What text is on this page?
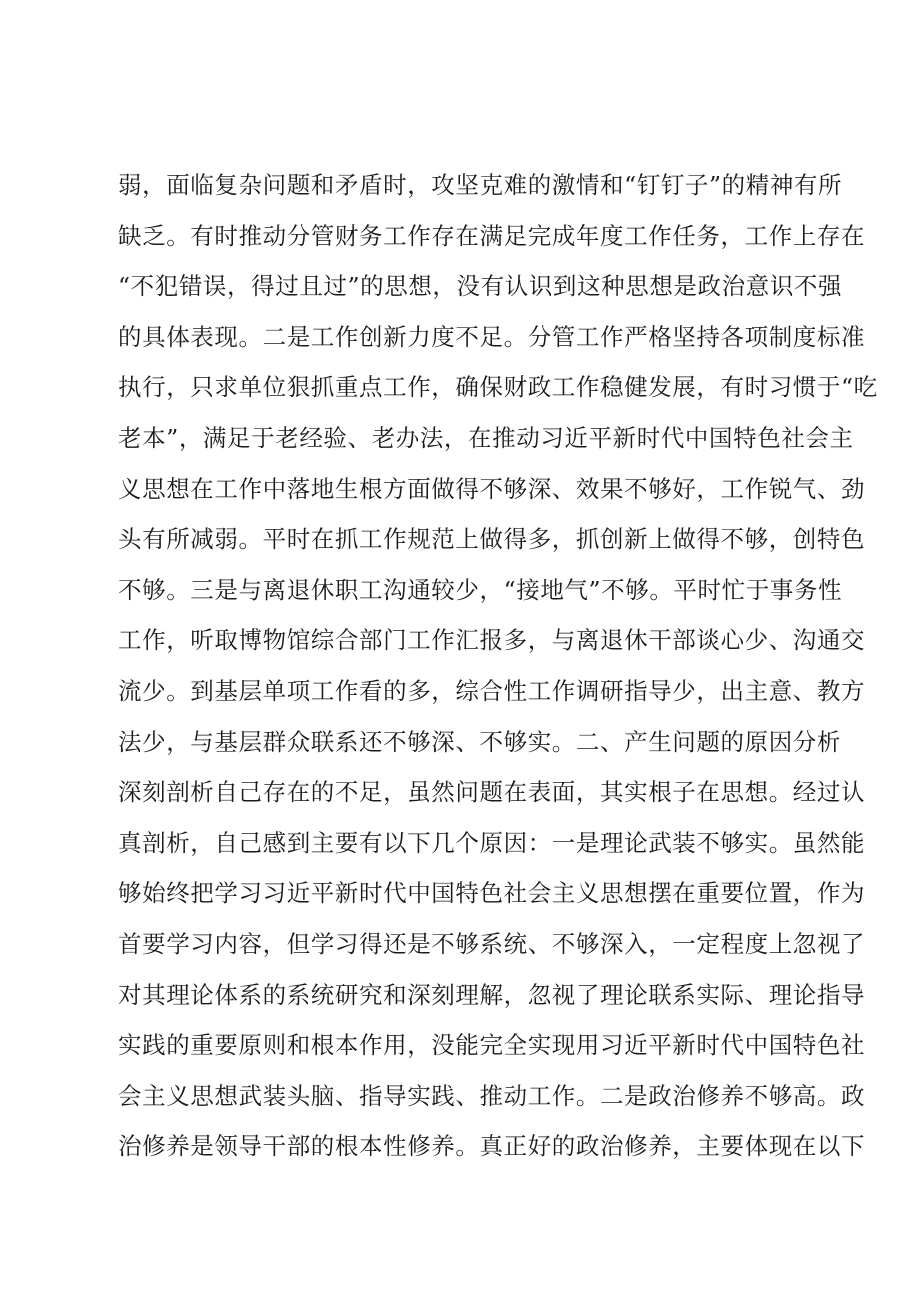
弱，面临复杂问题和矛盾时，攻坚克难的激情和“钉钉子”的精神有所
缺乏。有时推动分管财务工作存在满足完成年度工作任务，工作上存在
“不犯错误，得过且过”的思想，没有认识到这种思想是政治意识不强
的具体表现。二是工作创新力度不足。分管工作严格坚持各项制度标准
执行，只求单位狠抓重点工作，确保财政工作稳健发展，有时习惯于“吃
老本”，满足于老经验、老办法，在推动习近平新时代中国特色社会主
义思想在工作中落地生根方面做得不够深、效果不够好，工作锐气、劲
头有所减弱。平时在抓工作规范上做得多，抓创新上做得不够，创特色
不够。三是与离退休职工沟通较少，“接地气”不够。平时忙于事务性
工作，听取博物馆综合部门工作汇报多，与离退休干部谈心少、沟通交
流少。到基层单项工作看的多，综合性工作调研指导少，出主意、教方
法少，与基层群众联系还不够深、不够实。二、产生问题的原因分析
深刻剖析自己存在的不足，虽然问题在表面，其实根子在思想。经过认
真剖析，自己感到主要有以下几个原因：一是理论武装不够实。虽然能
够始终把学习习近平新时代中国特色社会主义思想摆在重要位置，作为
首要学习内容，但学习得还是不够系统、不够深入，一定程度上忽视了
对其理论体系的系统研究和深刻理解，忽视了理论联系实际、理论指导
实践的重要原则和根本作用，没能完全实现用习近平新时代中国特色社
会主义思想武装头脑、指导实践、推动工作。二是政治修养不够高。政
治修养是领导干部的根本性修养。真正好的政治修养，主要体现在以下
